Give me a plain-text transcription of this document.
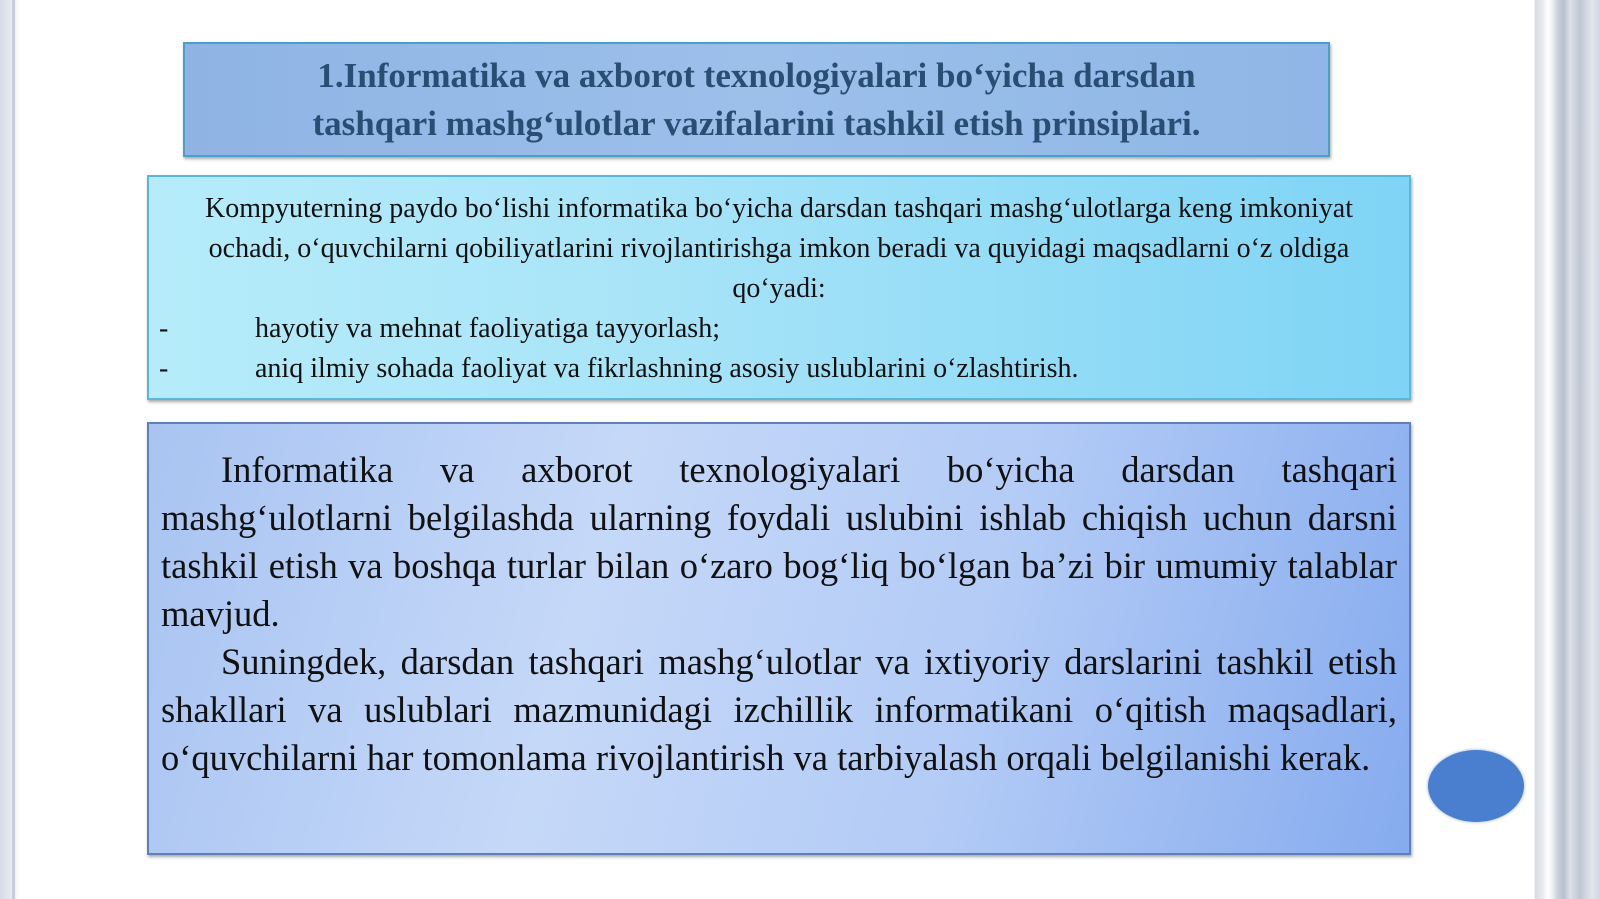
1.Informatika va axborot texnologiyalari bo‘yicha darsdan
tashqari mashg‘ulotlar vazifalarini tashkil etish prinsiplari.

Kompyuterning paydo bo‘lishi informatika bo‘yicha darsdan tashqari mashg‘ulotlarga keng imkoniyat ochadi, o‘quvchilarni qobiliyatlarini rivojlantirishga imkon beradi va quyidagi maqsadlarni o‘z oldiga qo‘yadi:

-	hayotiy va mehnat faoliyatiga tayyorlash;
-	aniq ilmiy sohada faoliyat va fikrlashning asosiy uslublarini o‘zlashtirish.

Informatika va axborot texnologiyalari bo‘yicha darsdan tashqari mashg‘ulotlarni belgilashda ularning foydali uslubini ishlab chiqish uchun darsni tashkil etish va boshqa turlar bilan o‘zaro bog‘liq bo‘lgan ba’zi bir umumiy talablar mavjud.

Suningdek, darsdan tashqari mashg‘ulotlar va ixtiyoriy darslarini tashkil etish shakllari va uslublari mazmunidagi izchillik informatikani o‘qitish maqsadlari, o‘quvchilarni har tomonlama rivojlantirish va tarbiyalash orqali belgilanishi kerak.
